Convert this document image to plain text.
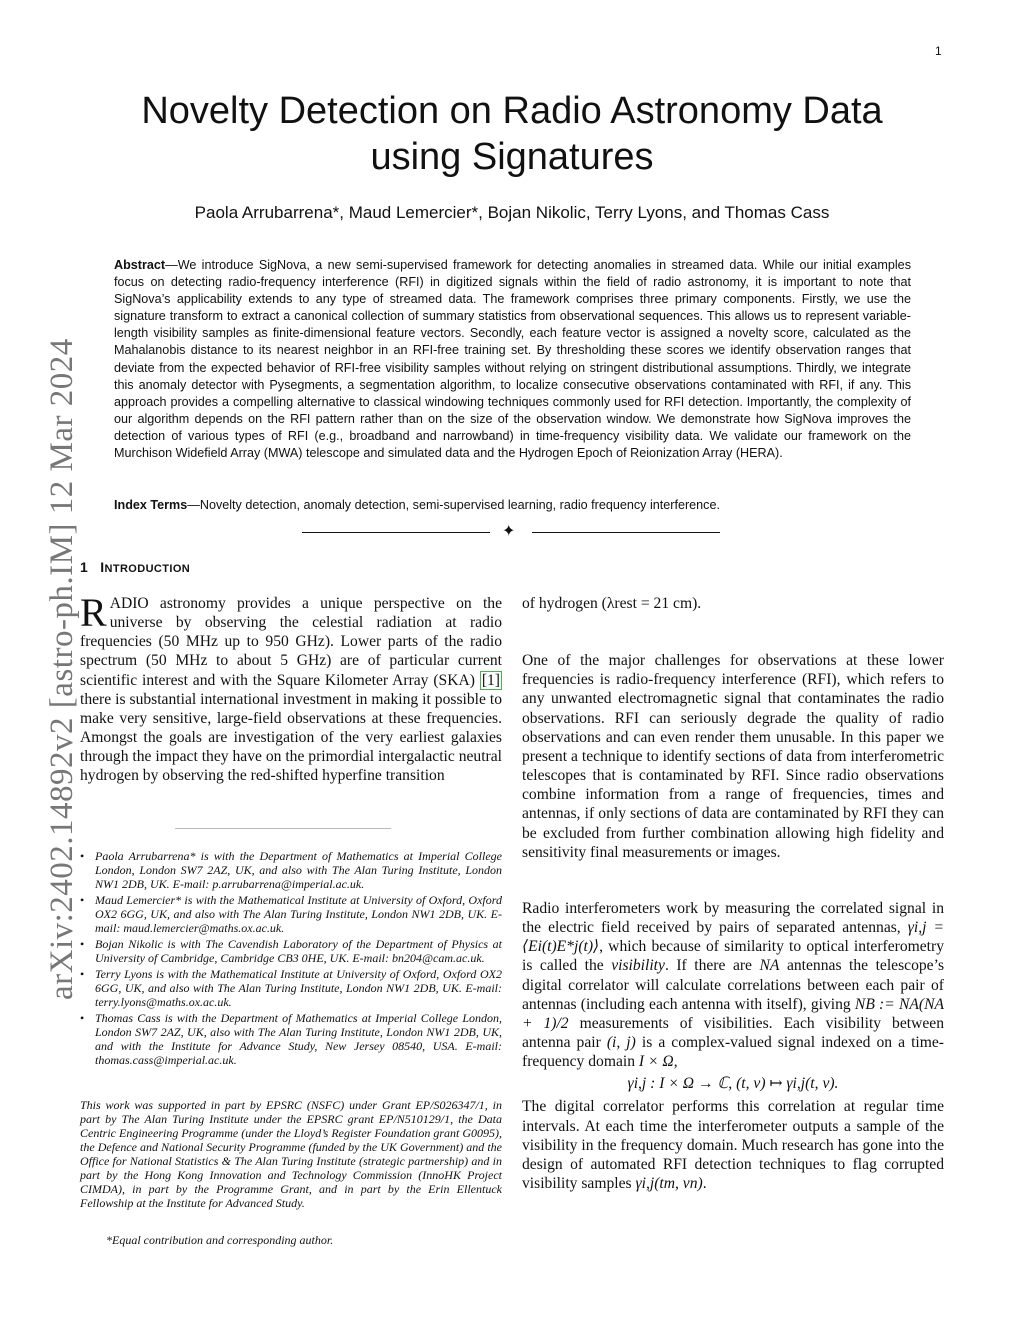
1
arXiv:2402.14892v2 [astro-ph.IM] 12 Mar 2024
Novelty Detection on Radio Astronomy Data
using Signatures
Paola Arrubarrena*, Maud Lemercier*, Bojan Nikolic, Terry Lyons, and Thomas Cass
Abstract—We introduce SigNova, a new semi-supervised framework for detecting anomalies in streamed data. While our initial examples focus on detecting radio-frequency interference (RFI) in digitized signals within the field of radio astronomy, it is important to note that SigNova’s applicability extends to any type of streamed data. The framework comprises three primary components. Firstly, we use the signature transform to extract a canonical collection of summary statistics from observational sequences. This allows us to represent variable-length visibility samples as finite-dimensional feature vectors. Secondly, each feature vector is assigned a novelty score, calculated as the Mahalanobis distance to its nearest neighbor in an RFI-free training set. By thresholding these scores we identify observation ranges that deviate from the expected behavior of RFI-free visibility samples without relying on stringent distributional assumptions. Thirdly, we integrate this anomaly detector with Pysegments, a segmentation algorithm, to localize consecutive observations contaminated with RFI, if any. This approach provides a compelling alternative to classical windowing techniques commonly used for RFI detection. Importantly, the complexity of our algorithm depends on the RFI pattern rather than on the size of the observation window. We demonstrate how SigNova improves the detection of various types of RFI (e.g., broadband and narrowband) in time-frequency visibility data. We validate our framework on the Murchison Widefield Array (MWA) telescope and simulated data and the Hydrogen Epoch of Reionization Array (HERA).
Index Terms—Novelty detection, anomaly detection, semi-supervised learning, radio frequency interference.
✦
1 INTRODUCTION

RADIO astronomy provides a unique perspective on the universe by observing the celestial radiation at radio frequencies (50 MHz up to 950 GHz). Lower parts of the radio spectrum (50 MHz to about 5 GHz) are of particular current scientific interest and with the Square Kilometer Array (SKA) [1] there is substantial international investment in making it possible to make very sensitive, large-field observations at these frequencies. Amongst the goals are investigation of the very earliest galaxies through the impact they have on the primordial intergalactic neutral hydrogen by observing the red-shifted hyperfine transition

• Paola Arrubarrena* is with the Department of Mathematics at Imperial College London, London SW7 2AZ, UK, and also with The Alan Turing Institute, London NW1 2DB, UK. E-mail: p.arrubarrena@imperial.ac.uk.
• Maud Lemercier* is with the Mathematical Institute at University of Oxford, Oxford OX2 6GG, UK, and also with The Alan Turing Institute, London NW1 2DB, UK. E-mail: maud.lemercier@maths.ox.ac.uk.
• Bojan Nikolic is with The Cavendish Laboratory of the Department of Physics at University of Cambridge, Cambridge CB3 0HE, UK. E-mail: bn204@cam.ac.uk.
• Terry Lyons is with the Mathematical Institute at University of Oxford, Oxford OX2 6GG, UK, and also with The Alan Turing Institute, London NW1 2DB, UK. E-mail: terry.lyons@maths.ox.ac.uk.
• Thomas Cass is with the Department of Mathematics at Imperial College London, London SW7 2AZ, UK, also with The Alan Turing Institute, London NW1 2DB, UK, and with the Institute for Advance Study, New Jersey 08540, USA. E-mail: thomas.cass@imperial.ac.uk.
This work was supported in part by EPSRC (NSFC) under Grant EP/S026347/1, in part by The Alan Turing Institute under the EPSRC grant EP/N510129/1, the Data Centric Engineering Programme (under the Lloyd’s Register Foundation grant G0095), the Defence and National Security Programme (funded by the UK Government) and the Office for National Statistics & The Alan Turing Institute (strategic partnership) and in part by the Hong Kong Innovation and Technology Commission (InnoHK Project CIMDA), in part by the Programme Grant, and in part by the Erin Ellentuck Fellowship at the Institute for Advanced Study.
*Equal contribution and corresponding author.

of hydrogen (λrest = 21 cm).

One of the major challenges for observations at these lower frequencies is radio-frequency interference (RFI), which refers to any unwanted electromagnetic signal that contaminates the radio observations. RFI can seriously degrade the quality of radio observations and can even render them unusable. In this paper we present a technique to identify sections of data from interferometric telescopes that is contaminated by RFI. Since radio observations combine information from a range of frequencies, times and antennas, if only sections of data are contaminated by RFI they can be excluded from further combination allowing high fidelity and sensitivity final measurements or images.

Radio interferometers work by measuring the correlated signal in the electric field received by pairs of separated antennas, γi,j = ⟨Ei(t)E*j(t)⟩, which because of similarity to optical interferometry is called the visibility. If there are NA antennas the telescope’s digital correlator will calculate correlations between each pair of antennas (including each antenna with itself), giving NB := NA(NA + 1)/2 measurements of visibilities. Each visibility between antenna pair (i, j) is a complex-valued signal indexed on a time-frequency domain I × Ω,

γi,j : I × Ω → ℂ, (t, ν) ↦ γi,j(t, ν).

The digital correlator performs this correlation at regular time intervals. At each time the interferometer outputs a sample of the visibility in the frequency domain. Much research has gone into the design of automated RFI detection techniques to flag corrupted visibility samples γi,j(tm, νn).
